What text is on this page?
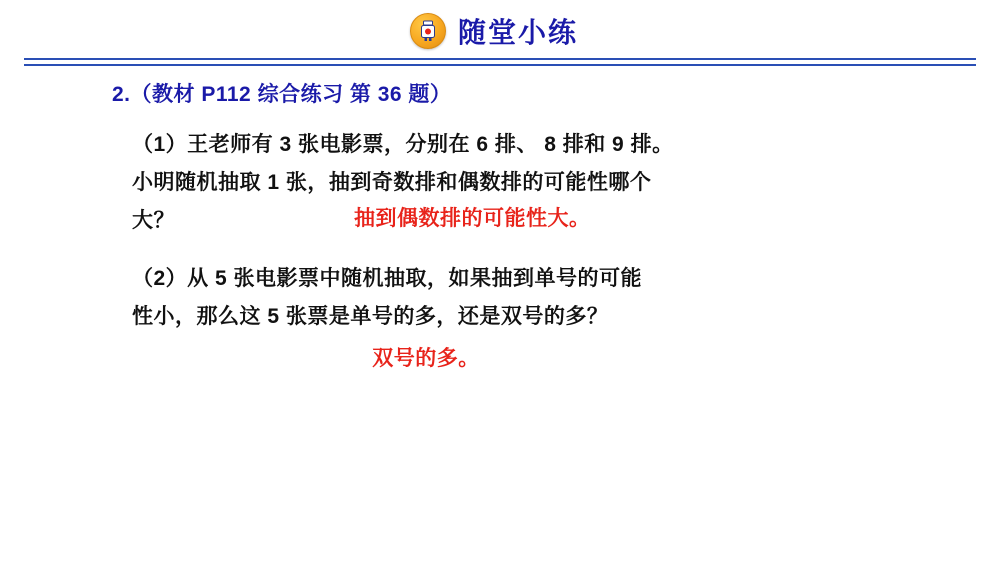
随堂小练
2.（教材 P112 综合练习 第 36 题）
（1）王老师有 3 张电影票，分别在 6 排、 8 排和 9 排。
小明随机抽取 1 张，抽到奇数排和偶数排的可能性哪个
大？	抽到偶数排的可能性大。
（2）从 5 张电影票中随机抽取，如果抽到单号的可能
性小，那么这 5 张票是单号的多，还是双号的多？
双号的多。
